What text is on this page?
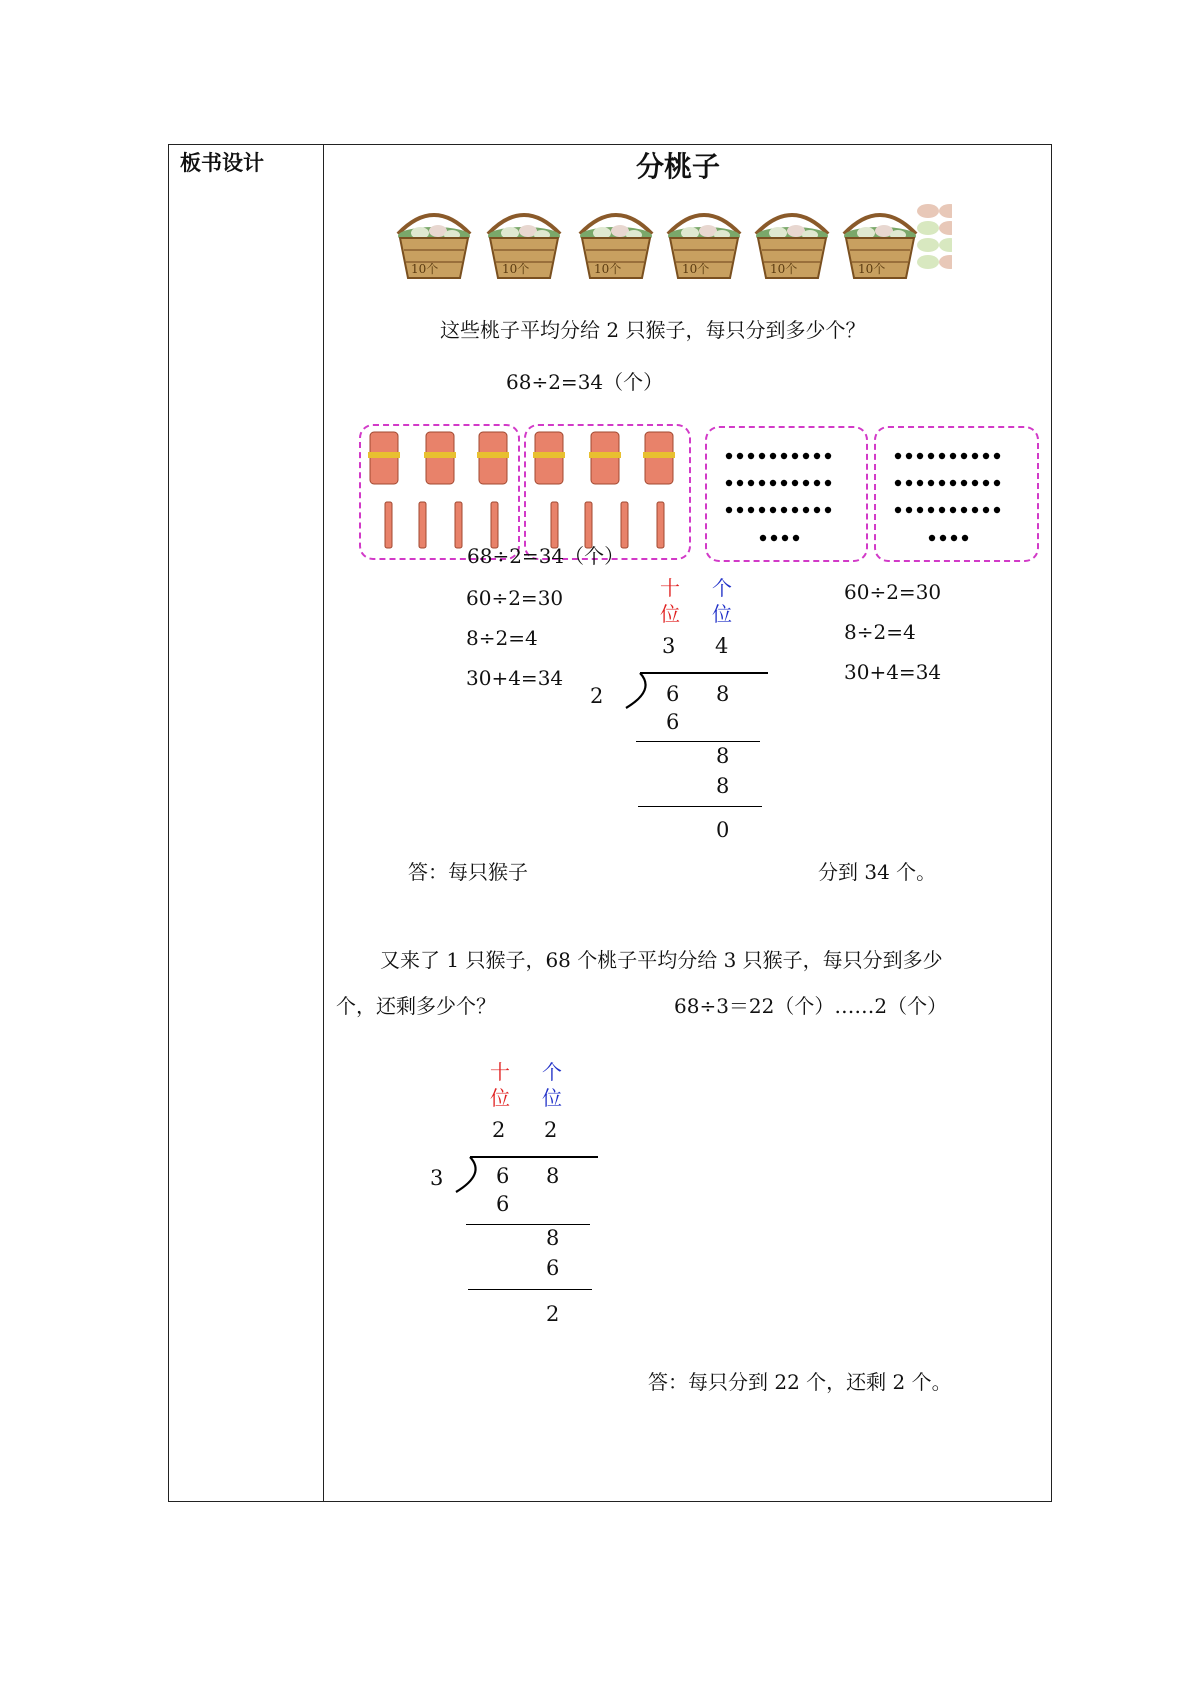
板书设计	分桃子
10个	10个	10个	10个	10个	10个
这些桃子平均分给 2 只猴子，每只分到多少个？
68÷2=34（个）
68÷2=34（个）
60÷2=30
8÷2=4
30+4=34
60÷2=30
8÷2=4
30+4=34
十
位
个
位
3 4
2	6 8
6
8
8
0
答：每只猴子	分到 34 个。
又来了 1 只猴子，68 个桃子平均分给 3 只猴子，每只分到多少
个，还剩多少个？	68÷3＝22（个）……2（个）
十
位
个
位
2 2
3	6 8
6
8
6
2
答：每只分到 22 个，还剩 2 个。
